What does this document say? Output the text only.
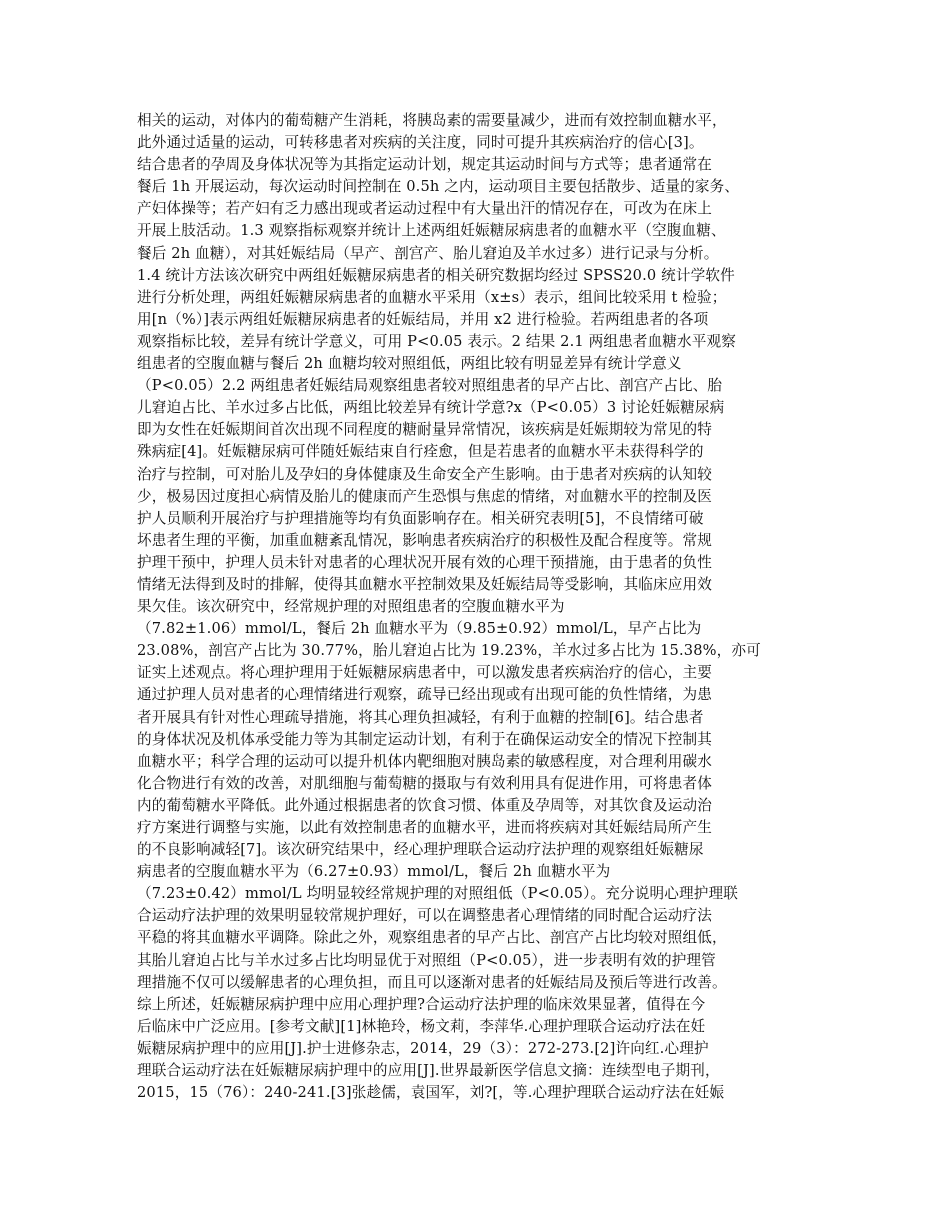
相关的运动，对体内的葡萄糖产生消耗，将胰岛素的需要量减少，进而有效控制血糖水平，
此外通过适量的运动，可转移患者对疾病的关注度，同时可提升其疾病治疗的信心[3]。
结合患者的孕周及身体状况等为其指定运动计划，规定其运动时间与方式等；患者通常在
餐后 1h 开展运动，每次运动时间控制在 0.5h 之内，运动项目主要包括散步、适量的家务、
产妇体操等；若产妇有乏力感出现或者运动过程中有大量出汗的情况存在，可改为在床上
开展上肢活动。1.3 观察指标观察并统计上述两组妊娠糖尿病患者的血糖水平（空腹血糖、
餐后 2h 血糖），对其妊娠结局（早产、剖宫产、胎儿窘迫及羊水过多）进行记录与分析。
1.4 统计方法该次研究中两组妊娠糖尿病患者的相关研究数据均经过 SPSS20.0 统计学软件
进行分析处理，两组妊娠糖尿病患者的血糖水平采用（x±s）表示，组间比较采用 t 检验；
用[n（%）]表示两组妊娠糖尿病患者的妊娠结局，并用 x2 进行检验。若两组患者的各项
观察指标比较，差异有统计学意义，可用 P<0.05 表示。2 结果 2.1 两组患者血糖水平观察
组患者的空腹血糖与餐后 2h 血糖均较对照组低，两组比较有明显差异有统计学意义
（P<0.05）2.2 两组患者妊娠结局观察组患者较对照组患者的早产占比、剖宫产占比、胎
儿窘迫占比、羊水过多占比低，两组比较差异有统计学意?x（P<0.05）3 讨论妊娠糖尿病
即为女性在妊娠期间首次出现不同程度的糖耐量异常情况，该疾病是妊娠期较为常见的特
殊病症[4]。妊娠糖尿病可伴随妊娠结束自行痊愈，但是若患者的血糖水平未获得科学的
治疗与控制，可对胎儿及孕妇的身体健康及生命安全产生影响。由于患者对疾病的认知较
少，极易因过度担心病情及胎儿的健康而产生恐惧与焦虑的情绪，对血糖水平的控制及医
护人员顺利开展治疗与护理措施等均有负面影响存在。相关研究表明[5]，不良情绪可破
坏患者生理的平衡，加重血糖紊乱情况，影响患者疾病治疗的积极性及配合程度等。常规
护理干预中，护理人员未针对患者的心理状况开展有效的心理干预措施，由于患者的负性
情绪无法得到及时的排解，使得其血糖水平控制效果及妊娠结局等受影响，其临床应用效
果欠佳。该次研究中，经常规护理的对照组患者的空腹血糖水平为
（7.82±1.06）mmol/L，餐后 2h 血糖水平为（9.85±0.92）mmol/L，早产占比为
23.08%，剖宫产占比为 30.77%，胎儿窘迫占比为 19.23%，羊水过多占比为 15.38%，亦可
证实上述观点。将心理护理用于妊娠糖尿病患者中，可以激发患者疾病治疗的信心，主要
通过护理人员对患者的心理情绪进行观察，疏导已经出现或有出现可能的负性情绪，为患
者开展具有针对性心理疏导措施，将其心理负担减轻，有利于血糖的控制[6]。结合患者
的身体状况及机体承受能力等为其制定运动计划，有利于在确保运动安全的情况下控制其
血糖水平；科学合理的运动可以提升机体内靶细胞对胰岛素的敏感程度，对合理利用碳水
化合物进行有效的改善，对肌细胞与葡萄糖的摄取与有效利用具有促进作用，可将患者体
内的葡萄糖水平降低。此外通过根据患者的饮食习惯、体重及孕周等，对其饮食及运动治
疗方案进行调整与实施，以此有效控制患者的血糖水平，进而将疾病对其妊娠结局所产生
的不良影响减轻[7]。该次研究结果中，经心理护理联合运动疗法护理的观察组妊娠糖尿
病患者的空腹血糖水平为（6.27±0.93）mmol/L，餐后 2h 血糖水平为
（7.23±0.42）mmol/L 均明显较经常规护理的对照组低（P<0.05）。充分说明心理护理联
合运动疗法护理的效果明显较常规护理好，可以在调整患者心理情绪的同时配合运动疗法
平稳的将其血糖水平调降。除此之外，观察组患者的早产占比、剖宫产占比均较对照组低，
其胎儿窘迫占比与羊水过多占比均明显优于对照组（P<0.05），进一步表明有效的护理管
理措施不仅可以缓解患者的心理负担，而且可以逐渐对患者的妊娠结局及预后等进行改善。
综上所述，妊娠糖尿病护理中应用心理护理?合运动疗法护理的临床效果显著，值得在今
后临床中广泛应用。[参考文献][1]林艳玲，杨文莉，李萍华.心理护理联合运动疗法在妊
娠糖尿病护理中的应用[J].护士进修杂志，2014，29（3）：272-273.[2]许向红.心理护
理联合运动疗法在妊娠糖尿病护理中的应用[J].世界最新医学信息文摘：连续型电子期刊，
2015，15（76）：240-241.[3]张趁儒，袁国军，刘?[，等.心理护理联合运动疗法在妊娠
